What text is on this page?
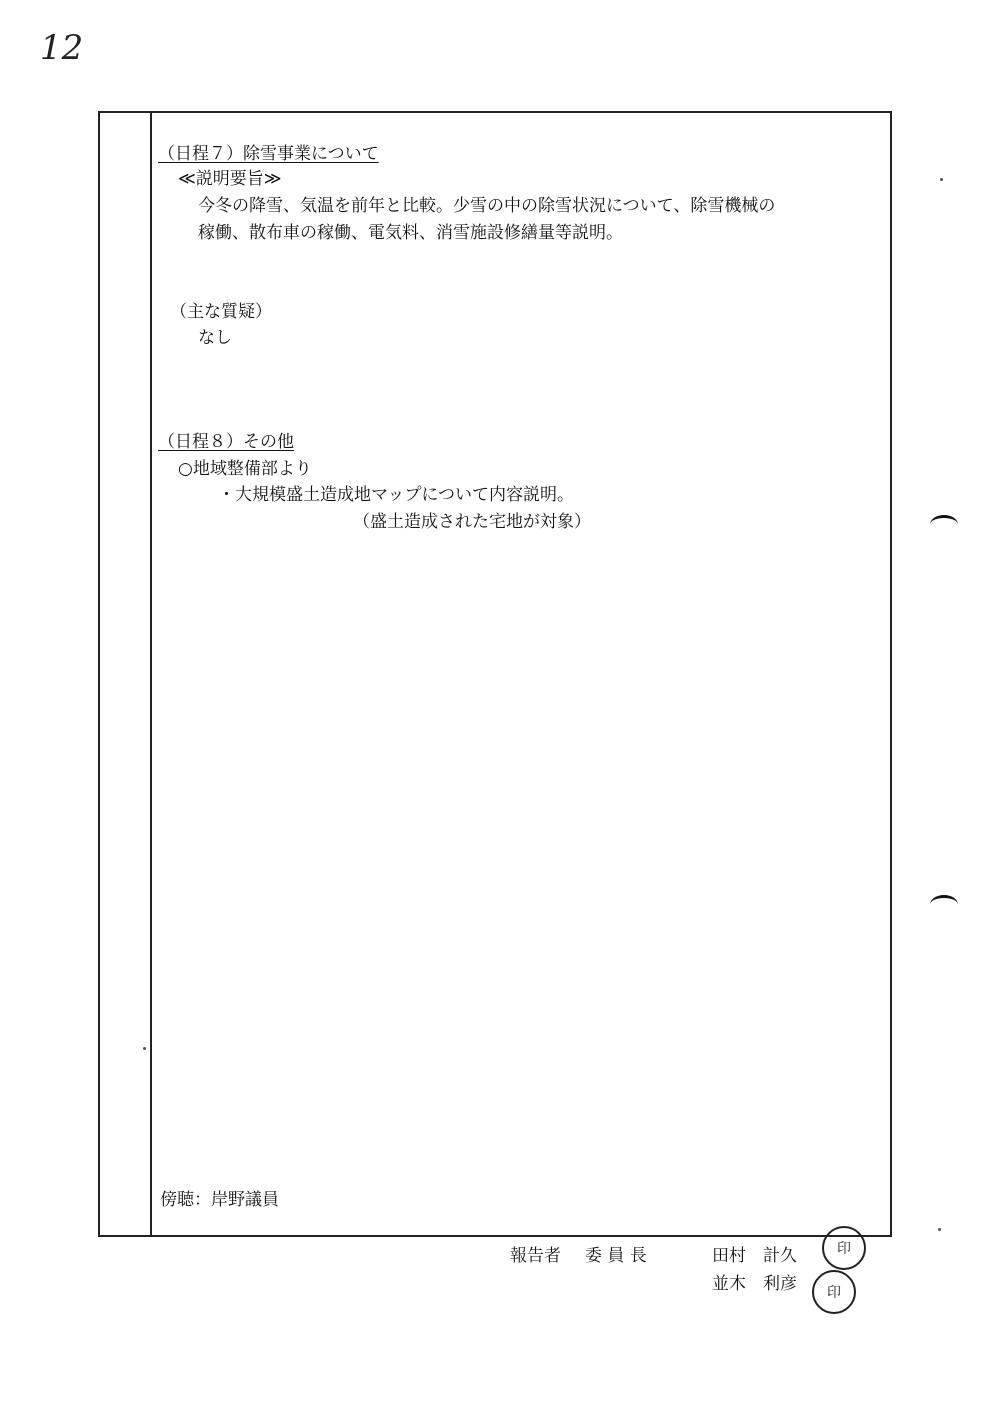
12
（日程７）除雪事業について
≪説明要旨≫
今冬の降雪、気温を前年と比較。少雪の中の除雪状況について、除雪機械の
稼働、散布車の稼働、電気料、消雪施設修繕量等説明。
（主な質疑）
なし
（日程８）その他
○地域整備部より
・大規模盛土造成地マップについて内容説明。
（盛土造成された宅地が対象）
傍聴：岸野議員
報告者 委 員 長	田村　計久
並木　利彦
印
印
